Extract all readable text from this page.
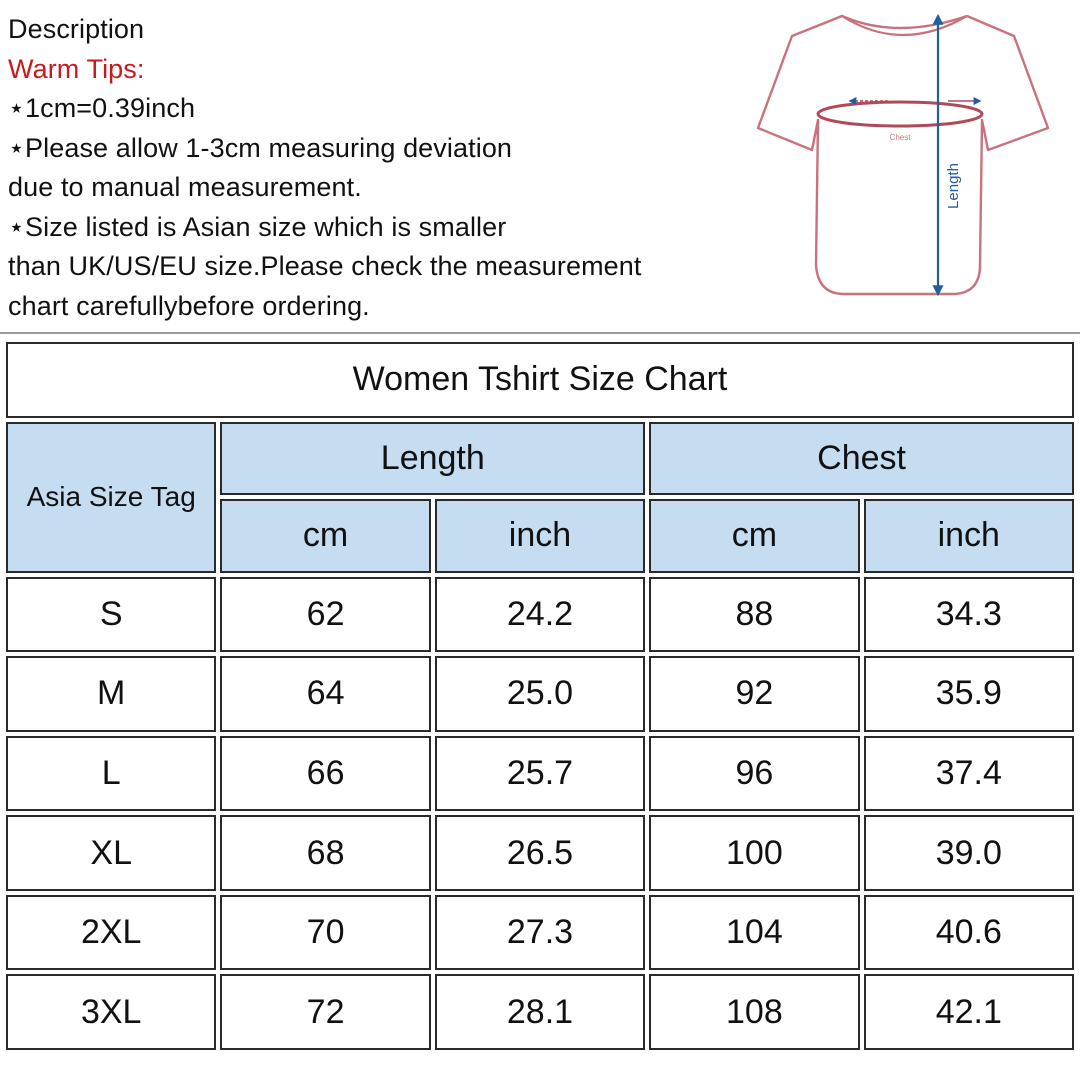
Description
Warm Tips:
⋆1cm=0.39inch
⋆Please allow 1-3cm measuring deviation
due to manual measurement.
⋆Size listed is Asian size which is smaller
than UK/US/EU size.Please check the measurement
chart carefullybefore ordering.
Chest
Length
Women Tshirt Size Chart				
Asia Size Tag	Length		Chest	
	cm	inch	cm	inch
S	62	24.2	88	34.3
M	64	25.0	92	35.9
L	66	25.7	96	37.4
XL	68	26.5	100	39.0
2XL	70	27.3	104	40.6
3XL	72	28.1	108	42.1
